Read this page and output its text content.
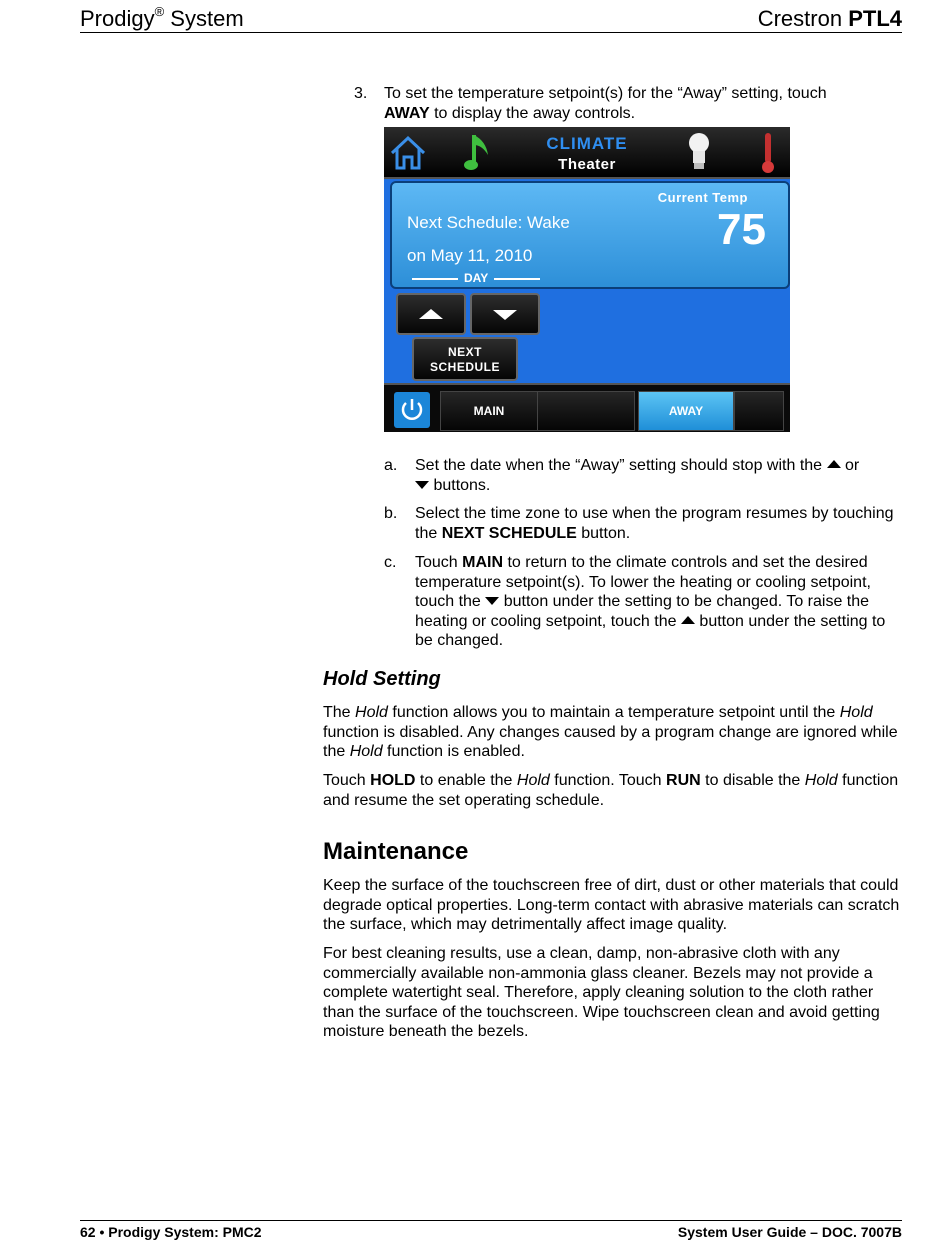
Prodigy® System	Crestron PTL4
3. To set the temperature setpoint(s) for the “Away” setting, touch AWAY to display the away controls.
CLIMATE
Theater
Current Temp
75
Next Schedule: Wake
on May 11, 2010
DAY
NEXT
SCHEDULE
MAIN	AWAY
a. Set the date when the “Away” setting should stop with the  or
buttons.
b. Select the time zone to use when the program resumes by touching the NEXT SCHEDULE button.
c. Touch MAIN to return to the climate controls and set the desired temperature setpoint(s). To lower the heating or cooling setpoint, touch the  button under the setting to be changed. To raise the heating or cooling setpoint, touch the  button under the setting to be changed.
Hold Setting
The Hold function allows you to maintain a temperature setpoint until the Hold function is disabled. Any changes caused by a program change are ignored while the Hold function is enabled.
Touch HOLD to enable the Hold function. Touch RUN to disable the Hold function and resume the set operating schedule.
Maintenance
Keep the surface of the touchscreen free of dirt, dust or other materials that could degrade optical properties. Long-term contact with abrasive materials can scratch the surface, which may detrimentally affect image quality.
For best cleaning results, use a clean, damp, non-abrasive cloth with any commercially available non-ammonia glass cleaner. Bezels may not provide a complete watertight seal. Therefore, apply cleaning solution to the cloth rather than the surface of the touchscreen. Wipe touchscreen clean and avoid getting moisture beneath the bezels.
62 • Prodigy System: PMC2	System User Guide – DOC. 7007B
